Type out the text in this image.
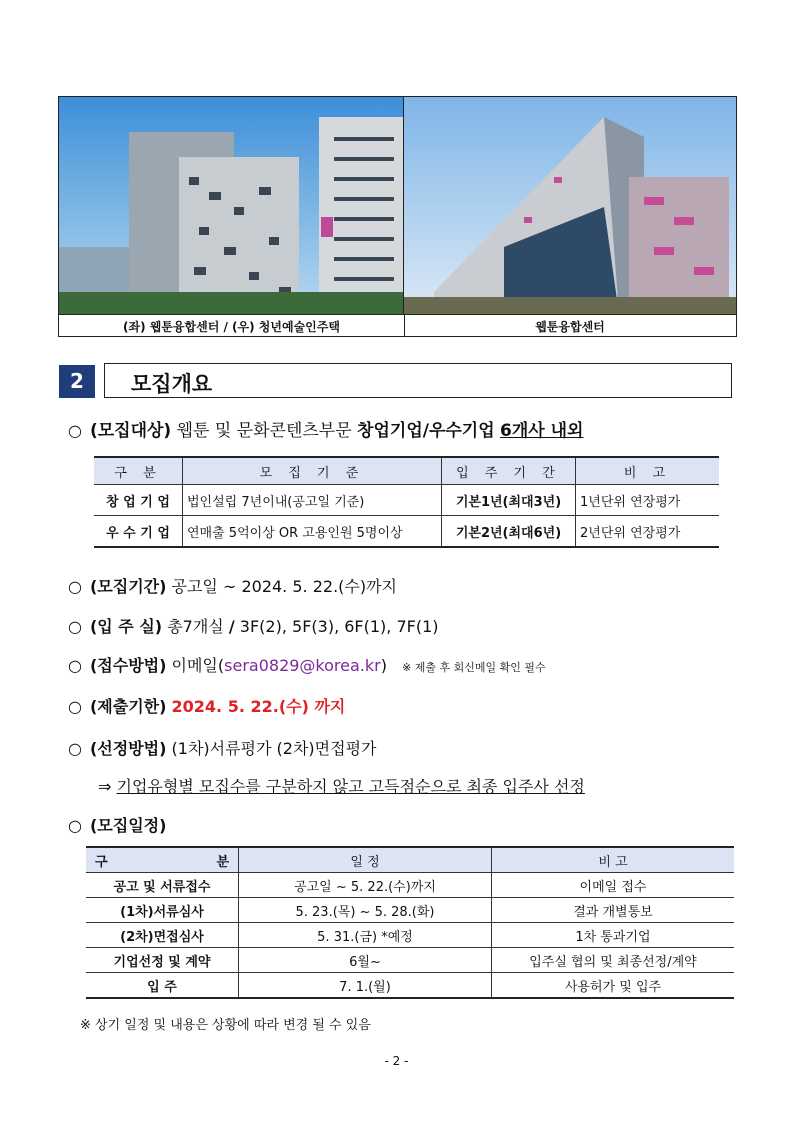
(좌) 웹툰융합센터 / (우) 청년예술인주택	웹툰융합센터
2	모집개요
○ (모집대상) 웹툰 및 문화콘텐츠부문 창업기업/우수기업 6개사 내외
구 분	모 집 기 준	입 주 기 간	비 고
창 업 기 업	법인설립 7년이내(공고일 기준)	기본1년(최대3년)	1년단위 연장평가
우 수 기 업	연매출 5억이상 OR 고용인원 5명이상	기본2년(최대6년)	2년단위 연장평가
○ (모집기간) 공고일 ~ 2024. 5. 22.(수)까지
○ (입 주 실) 총7개실 / 3F(2), 5F(3), 6F(1), 7F(1)
○ (접수방법) 이메일(sera0829@korea.kr) ※ 제출 후 회신메일 확인 필수
○ (제출기한) 2024. 5. 22.(수) 까지
○ (선정방법) (1차)서류평가 (2차)면접평가
⇒ 기업유형별 모집수를 구분하지 않고 고득점순으로 최종 입주사 선정
○ (모집일정)
구 분	일 정	비 고
공고 및 서류접수	공고일 ~ 5. 22.(수)까지	이메일 접수
(1차)서류심사	5. 23.(목) ~ 5. 28.(화)	결과 개별통보
(2차)면접심사	5. 31.(금) *예정	1차 통과기업
기업선정 및 계약	6월~	입주실 협의 및 최종선정/계약
입 주	7. 1.(월)	사용허가 및 입주
※ 상기 일정 및 내용은 상황에 따라 변경 될 수 있음
- 2 -
